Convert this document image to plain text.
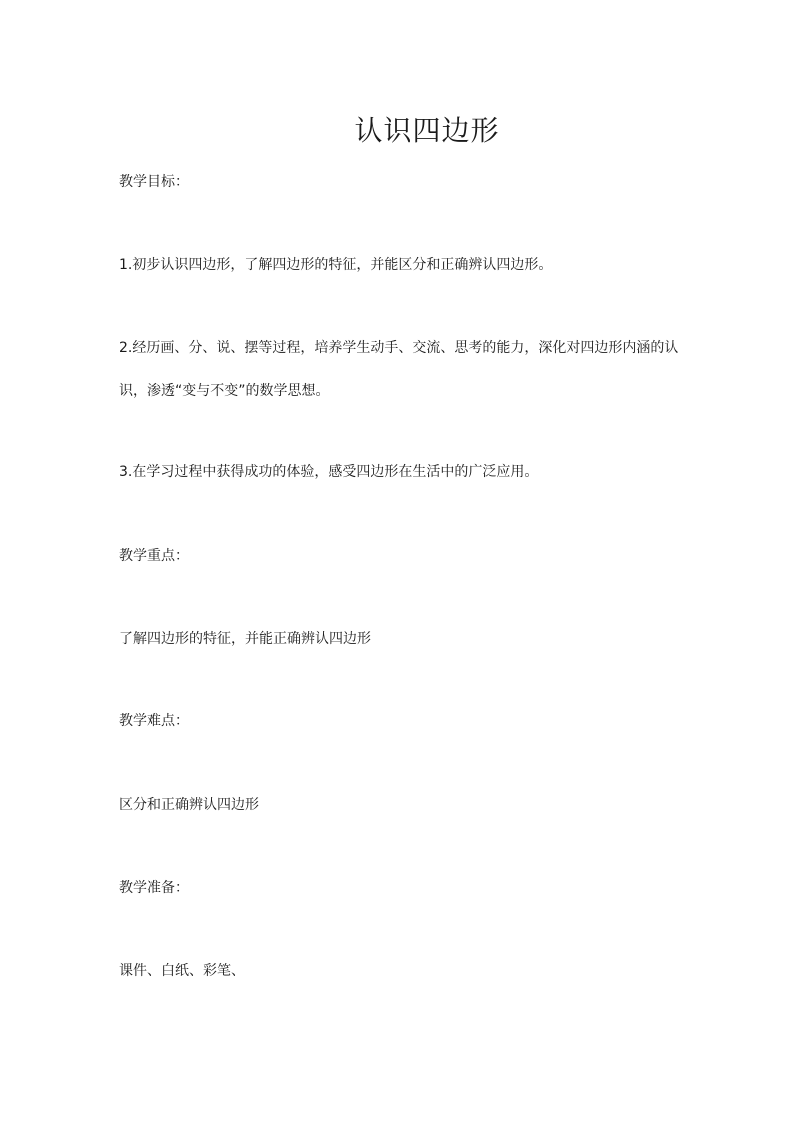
认识四边形

教学目标：

1.初步认识四边形，了解四边形的特征，并能区分和正确辨认四边形。

2.经历画、分、说、摆等过程，培养学生动手、交流、思考的能力，深化对四边形内涵的认识，渗透“变与不变”的数学思想。

3.在学习过程中获得成功的体验，感受四边形在生活中的广泛应用。

教学重点：

了解四边形的特征，并能正确辨认四边形

教学难点：

区分和正确辨认四边形

教学准备：

课件、白纸、彩笔、
